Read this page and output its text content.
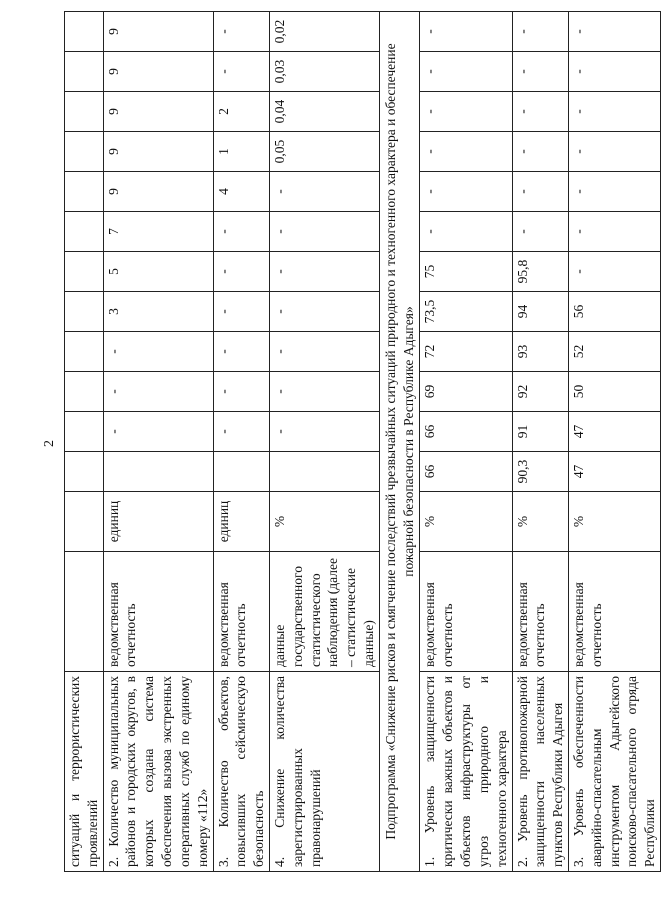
2
ситуаций и террористических проявлений														
2. Количество муниципальных районов и городских округов, в которых создана система обеспечения вызова экстренных оперативных служб по единому номеру «112»	ведомственная отчетность	единиц		-	-	-	3	5	7	9	9	9	9	9
3. Количество объектов, повысивших сейсмическую безопасность	ведомственная отчетность	единиц		-	-	-	-	-	-	4	1	2	-	-
4. Снижение количества зарегистрированных правонарушений	данные государственного статистического наблюдения (далее – статистические данные)	%		-	-	-	-	-	-	-	0,05	0,04	0,03	0,02
Подпрограмма «Снижение рисков и смягчение последствий чрезвычайных ситуаций природного и техногенного характера и обеспечение пожарной безопасности в Республике Адыгея»														
1. Уровень защищенности критически важных объектов и объектов инфраструктуры от угроз природного и техногенного характера	ведомственная отчетность	%	66	66	69	72	73,5	75	-	-	-	-	-	-
2. Уровень противопожарной защищенности населенных пунктов Республики Адыгея	ведомственная отчетность	%	90,3	91	92	93	94	95,8	-	-	-	-	-	-
3. Уровень обеспеченности аварийно-спасательным инструментом Адыгейского поисково-спасательного отряда Республики	ведомственная отчетность	%	47	47	50	52	56	-	-	-	-	-	-	-
